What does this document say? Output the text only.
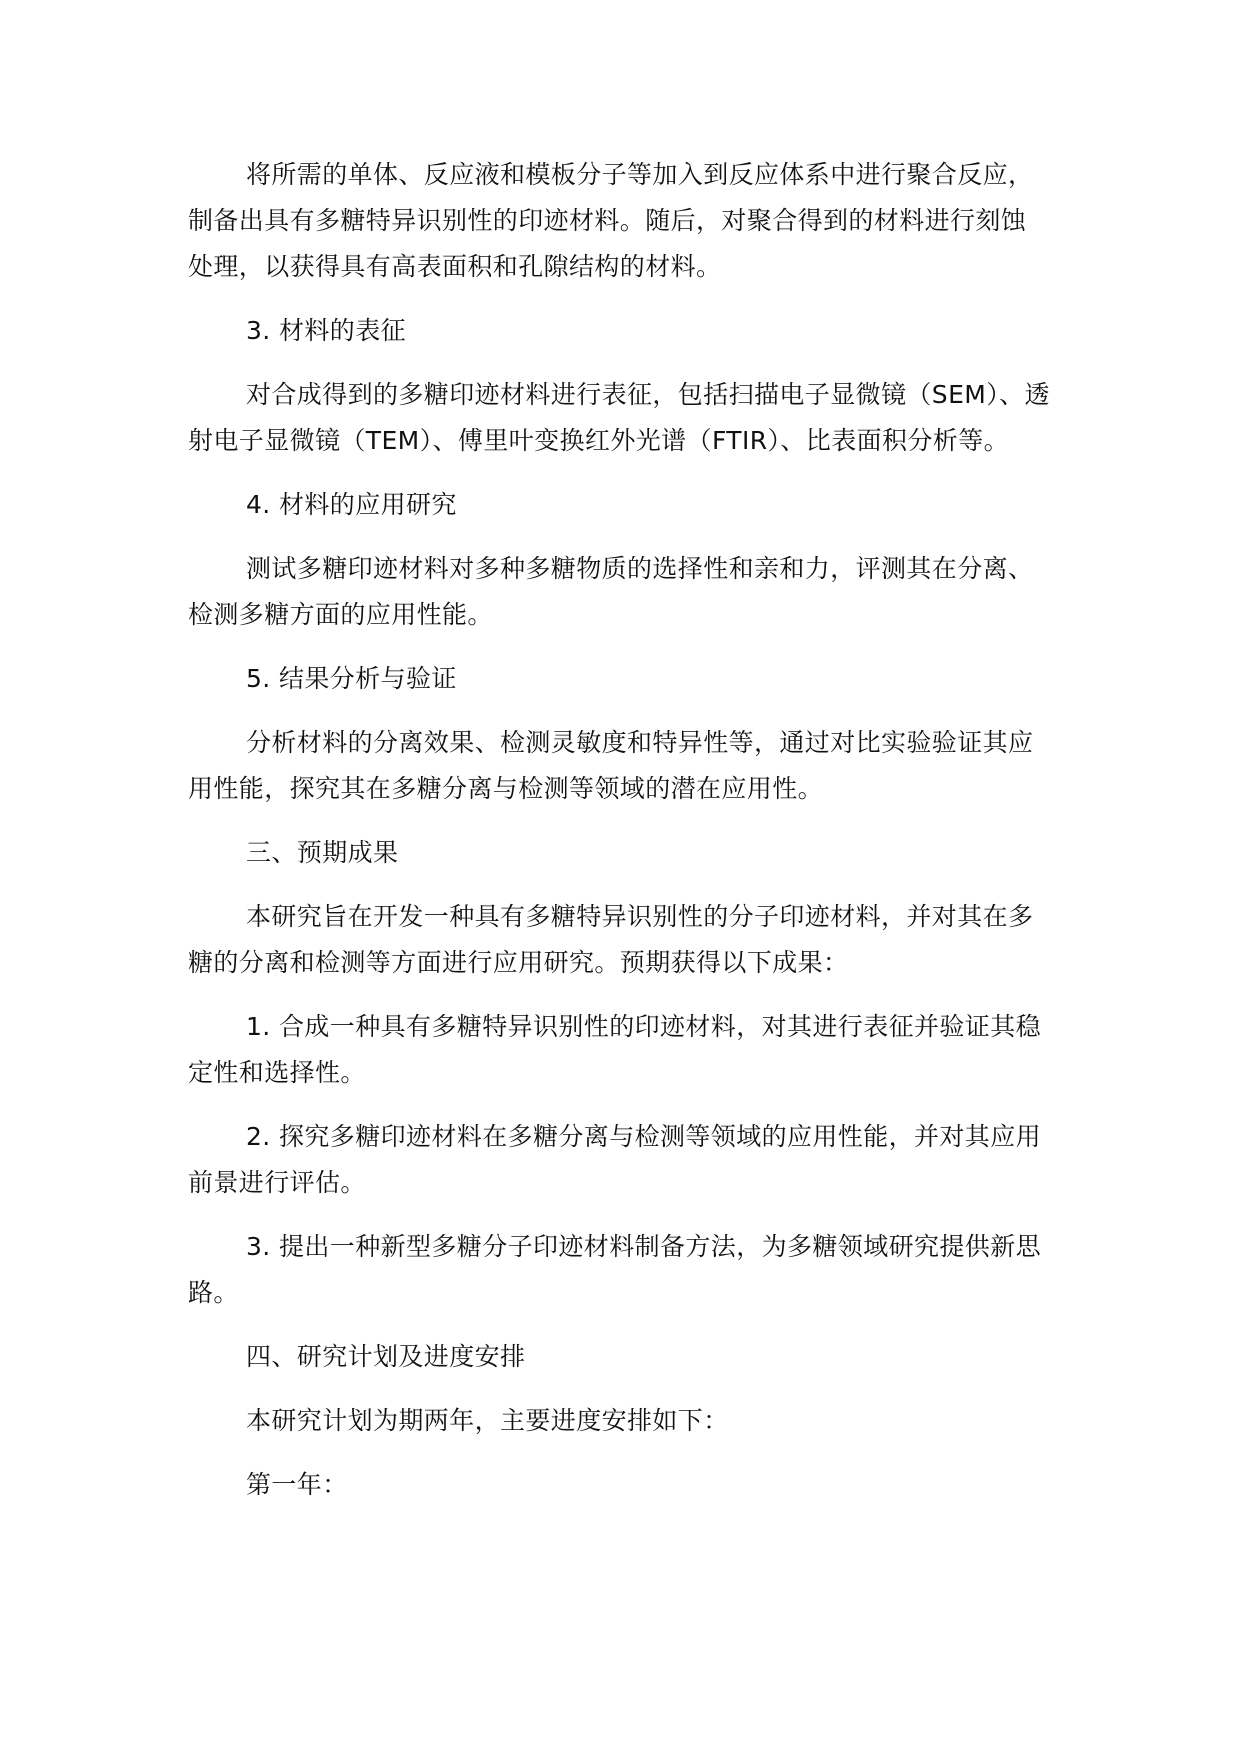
将所需的单体、反应液和模板分子等加入到反应体系中进行聚合反应，制备出具有多糖特异识别性的印迹材料。随后，对聚合得到的材料进行刻蚀处理，以获得具有高表面积和孔隙结构的材料。

3. 材料的表征

对合成得到的多糖印迹材料进行表征，包括扫描电子显微镜（SEM）、透射电子显微镜（TEM）、傅里叶变换红外光谱（FTIR）、比表面积分析等。

4. 材料的应用研究

测试多糖印迹材料对多种多糖物质的选择性和亲和力，评测其在分离、检测多糖方面的应用性能。

5. 结果分析与验证

分析材料的分离效果、检测灵敏度和特异性等，通过对比实验验证其应用性能，探究其在多糖分离与检测等领域的潜在应用性。

三、预期成果

本研究旨在开发一种具有多糖特异识别性的分子印迹材料，并对其在多糖的分离和检测等方面进行应用研究。预期获得以下成果：

1. 合成一种具有多糖特异识别性的印迹材料，对其进行表征并验证其稳定性和选择性。

2. 探究多糖印迹材料在多糖分离与检测等领域的应用性能，并对其应用前景进行评估。

3. 提出一种新型多糖分子印迹材料制备方法，为多糖领域研究提供新思路。

四、研究计划及进度安排

本研究计划为期两年，主要进度安排如下：

第一年：
